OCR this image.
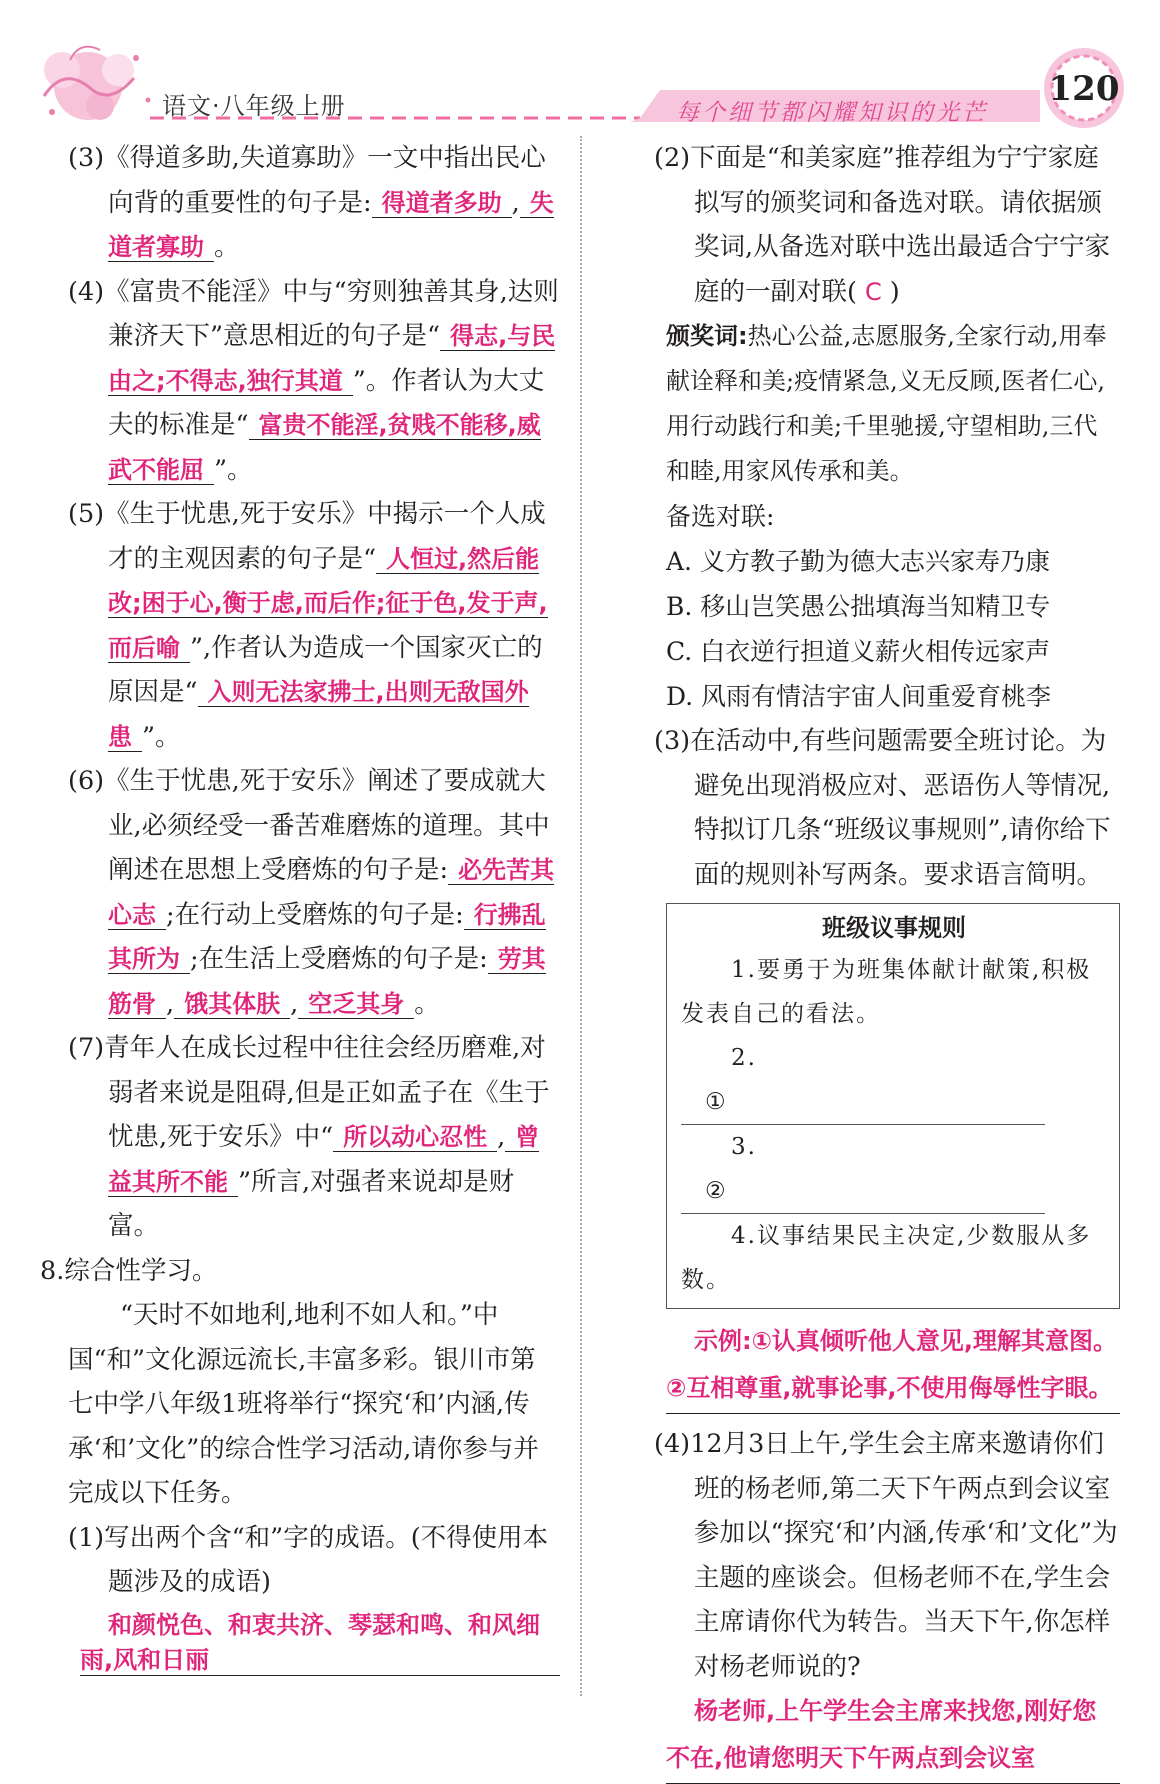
语文·八年级上册	每个细节都闪耀知识的光芒
120
(3)《得道多助,失道寡助》一文中指出民心向背的重要性的句子是: 得道者多助 , 失道者寡助 。
(4)《富贵不能淫》中与“穷则独善其身,达则兼济天下”意思相近的句子是“ 得志,与民由之;不得志,独行其道 ”。作者认为大丈夫的标准是“ 富贵不能淫,贫贱不能移,威武不能屈 ”。
(5)《生于忧患,死于安乐》中揭示一个人成才的主观因素的句子是“ 人恒过,然后能改;困于心,衡于虑,而后作;征于色,发于声,而后喻 ”,作者认为造成一个国家灭亡的原因是“ 入则无法家拂士,出则无敌国外患 ”。
(6)《生于忧患,死于安乐》阐述了要成就大业,必须经受一番苦难磨炼的道理。其中阐述在思想上受磨炼的句子是: 必先苦其心志 ;在行动上受磨炼的句子是: 行拂乱其所为 ;在生活上受磨炼的句子是: 劳其筋骨 , 饿其体肤 , 空乏其身 。
(7)青年人在成长过程中往往会经历磨难,对弱者来说是阻碍,但是正如孟子在《生于忧患,死于安乐》中“ 所以动心忍性 , 曾益其所不能 ”所言,对强者来说却是财富。
8.综合性学习。
“天时不如地利,地利不如人和。”中国“和”文化源远流长,丰富多彩。银川市第七中学八年级1班将举行“探究‘和’内涵,传承‘和’文化”的综合性学习活动,请你参与并完成以下任务。
(1)写出两个含“和”字的成语。(不得使用本题涉及的成语)
和颜悦色、和衷共济、琴瑟和鸣、和风细雨,风和日丽
(2)下面是“和美家庭”推荐组为宁宁家庭拟写的颁奖词和备选对联。请依据颁奖词,从备选对联中选出最适合宁宁家庭的一副对联( C )
颁奖词:热心公益,志愿服务,全家行动,用奉献诠释和美;疫情紧急,义无反顾,医者仁心,用行动践行和美;千里驰援,守望相助,三代和睦,用家风传承和美。
备选对联:
A. 义方教子勤为德大志兴家寿乃康
B. 移山岂笑愚公拙填海当知精卫专
C. 白衣逆行担道义薪火相传远家声
D. 风雨有情洁宇宙人间重爱育桃李
(3)在活动中,有些问题需要全班讨论。为避免出现消极应对、恶语伤人等情况,特拟订几条“班级议事规则”,请你给下面的规则补写两条。要求语言简明。
班级议事规则
1.要勇于为班集体献计献策,积极发表自己的看法。
2.①
3.②
4.议事结果民主决定,少数服从多数。
示例:①认真倾听他人意见,理解其意图。②互相尊重,就事论事,不使用侮辱性字眼。
(4)12月3日上午,学生会主席来邀请你们班的杨老师,第二天下午两点到会议室参加以“探究‘和’内涵,传承‘和’文化”为主题的座谈会。但杨老师不在,学生会主席请你代为转告。当天下午,你怎样对杨老师说的?
杨老师,上午学生会主席来找您,刚好您不在,他请您明天下午两点到会议室
